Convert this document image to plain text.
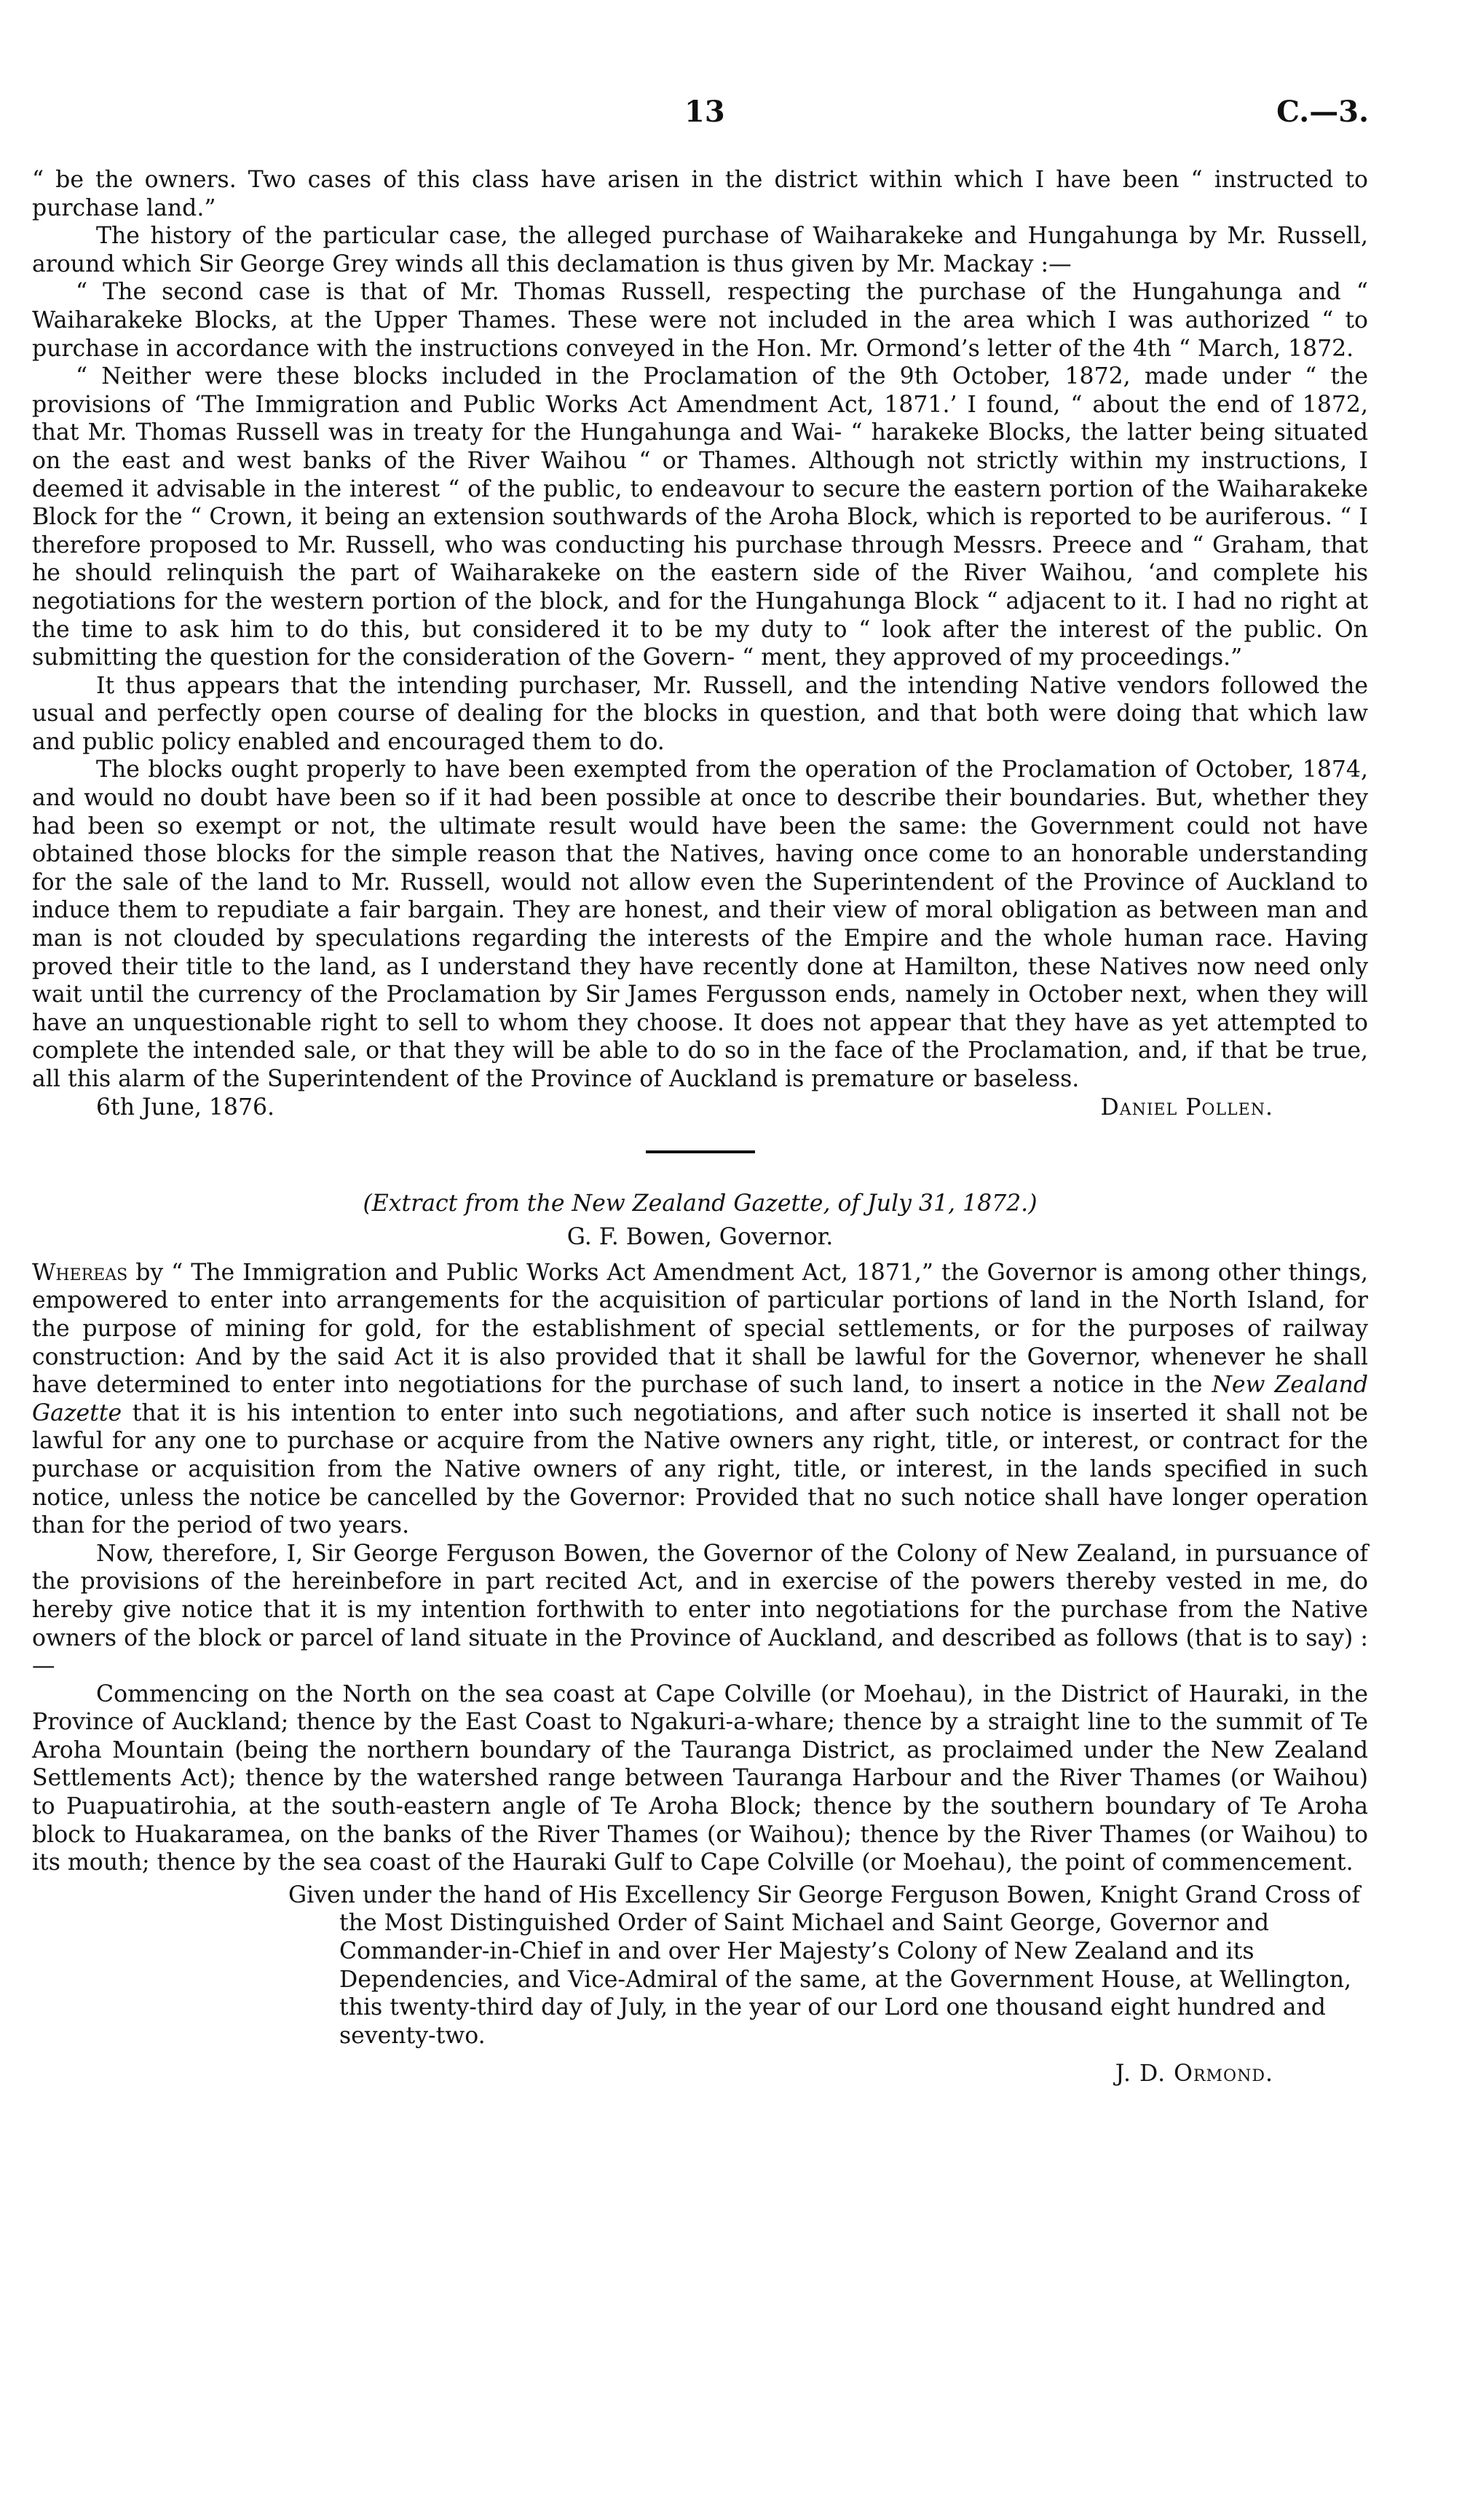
13	C.—3.

“ be the owners. Two cases of this class have arisen in the district within which I have been “ instructed to purchase land.”

The history of the particular case, the alleged purchase of Waiharakeke and Hungahunga by Mr. Russell, around which Sir George Grey winds all this declamation is thus given by Mr. Mackay :—

“ The second case is that of Mr. Thomas Russell, respecting the purchase of the Hungahunga and “ Waiharakeke Blocks, at the Upper Thames. These were not included in the area which I was authorized “ to purchase in accordance with the instructions conveyed in the Hon. Mr. Ormond’s letter of the 4th “ March, 1872.

“ Neither were these blocks included in the Proclamation of the 9th October, 1872, made under “ the provisions of ‘The Immigration and Public Works Act Amendment Act, 1871.’ I found, “ about the end of 1872, that Mr. Thomas Russell was in treaty for the Hungahunga and Wai- “ harakeke Blocks, the latter being situated on the east and west banks of the River Waihou “ or Thames. Although not strictly within my instructions, I deemed it advisable in the interest “ of the public, to endeavour to secure the eastern portion of the Waiharakeke Block for the “ Crown, it being an extension southwards of the Aroha Block, which is reported to be auriferous. “ I therefore proposed to Mr. Russell, who was conducting his purchase through Messrs. Preece and “ Graham, that he should relinquish the part of Waiharakeke on the eastern side of the River Waihou, ‘and complete his negotiations for the western portion of the block, and for the Hungahunga Block “ adjacent to it. I had no right at the time to ask him to do this, but considered it to be my duty to “ look after the interest of the public. On submitting the question for the consideration of the Govern- “ ment, they approved of my proceedings.”

It thus appears that the intending purchaser, Mr. Russell, and the intending Native vendors followed the usual and perfectly open course of dealing for the blocks in question, and that both were doing that which law and public policy enabled and encouraged them to do.

The blocks ought properly to have been exempted from the operation of the Proclamation of October, 1874, and would no doubt have been so if it had been possible at once to describe their boundaries. But, whether they had been so exempt or not, the ultimate result would have been the same: the Government could not have obtained those blocks for the simple reason that the Natives, having once come to an honorable understanding for the sale of the land to Mr. Russell, would not allow even the Superintendent of the Province of Auckland to induce them to repudiate a fair bargain. They are honest, and their view of moral obligation as between man and man is not clouded by speculations regarding the interests of the Empire and the whole human race. Having proved their title to the land, as I understand they have recently done at Hamilton, these Natives now need only wait until the currency of the Proclamation by Sir James Fergusson ends, namely in October next, when they will have an unquestionable right to sell to whom they choose. It does not appear that they have as yet attempted to complete the intended sale, or that they will be able to do so in the face of the Proclamation, and, if that be true, all this alarm of the Superintendent of the Province of Auckland is premature or baseless.

6th June, 1876.	Daniel Pollen.

(Extract from the New Zealand Gazette, of July 31, 1872.)

G. F. Bowen, Governor.

Whereas by “ The Immigration and Public Works Act Amendment Act, 1871,” the Governor is among other things, empowered to enter into arrangements for the acquisition of particular portions of land in the North Island, for the purpose of mining for gold, for the establishment of special settlements, or for the purposes of railway construction: And by the said Act it is also provided that it shall be lawful for the Governor, whenever he shall have determined to enter into negotiations for the purchase of such land, to insert a notice in the New Zealand Gazette that it is his intention to enter into such negotiations, and after such notice is inserted it shall not be lawful for any one to purchase or acquire from the Native owners any right, title, or interest, or contract for the purchase or acquisition from the Native owners of any right, title, or interest, in the lands specified in such notice, unless the notice be cancelled by the Governor: Provided that no such notice shall have longer operation than for the period of two years.

Now, therefore, I, Sir George Ferguson Bowen, the Governor of the Colony of New Zealand, in pursuance of the provisions of the hereinbefore in part recited Act, and in exercise of the powers thereby vested in me, do hereby give notice that it is my intention forthwith to enter into negotiations for the purchase from the Native owners of the block or parcel of land situate in the Province of Auckland, and described as follows (that is to say) :—

Commencing on the North on the sea coast at Cape Colville (or Moehau), in the District of Hauraki, in the Province of Auckland; thence by the East Coast to Ngakuri-a-whare; thence by a straight line to the summit of Te Aroha Mountain (being the northern boundary of the Tauranga District, as proclaimed under the New Zealand Settlements Act); thence by the watershed range between Tauranga Harbour and the River Thames (or Waihou) to Puapuatirohia, at the south-eastern angle of Te Aroha Block; thence by the southern boundary of Te Aroha block to Huakaramea, on the banks of the River Thames (or Waihou); thence by the River Thames (or Waihou) to its mouth; thence by the sea coast of the Hauraki Gulf to Cape Colville (or Moehau), the point of commencement.

Given under the hand of His Excellency Sir George Ferguson Bowen, Knight Grand Cross of the Most Distinguished Order of Saint Michael and Saint George, Governor and Commander-in-Chief in and over Her Majesty’s Colony of New Zealand and its Dependencies, and Vice-Admiral of the same, at the Government House, at Wellington, this twenty-third day of July, in the year of our Lord one thousand eight hundred and seventy-two.

J. D. Ormond.
